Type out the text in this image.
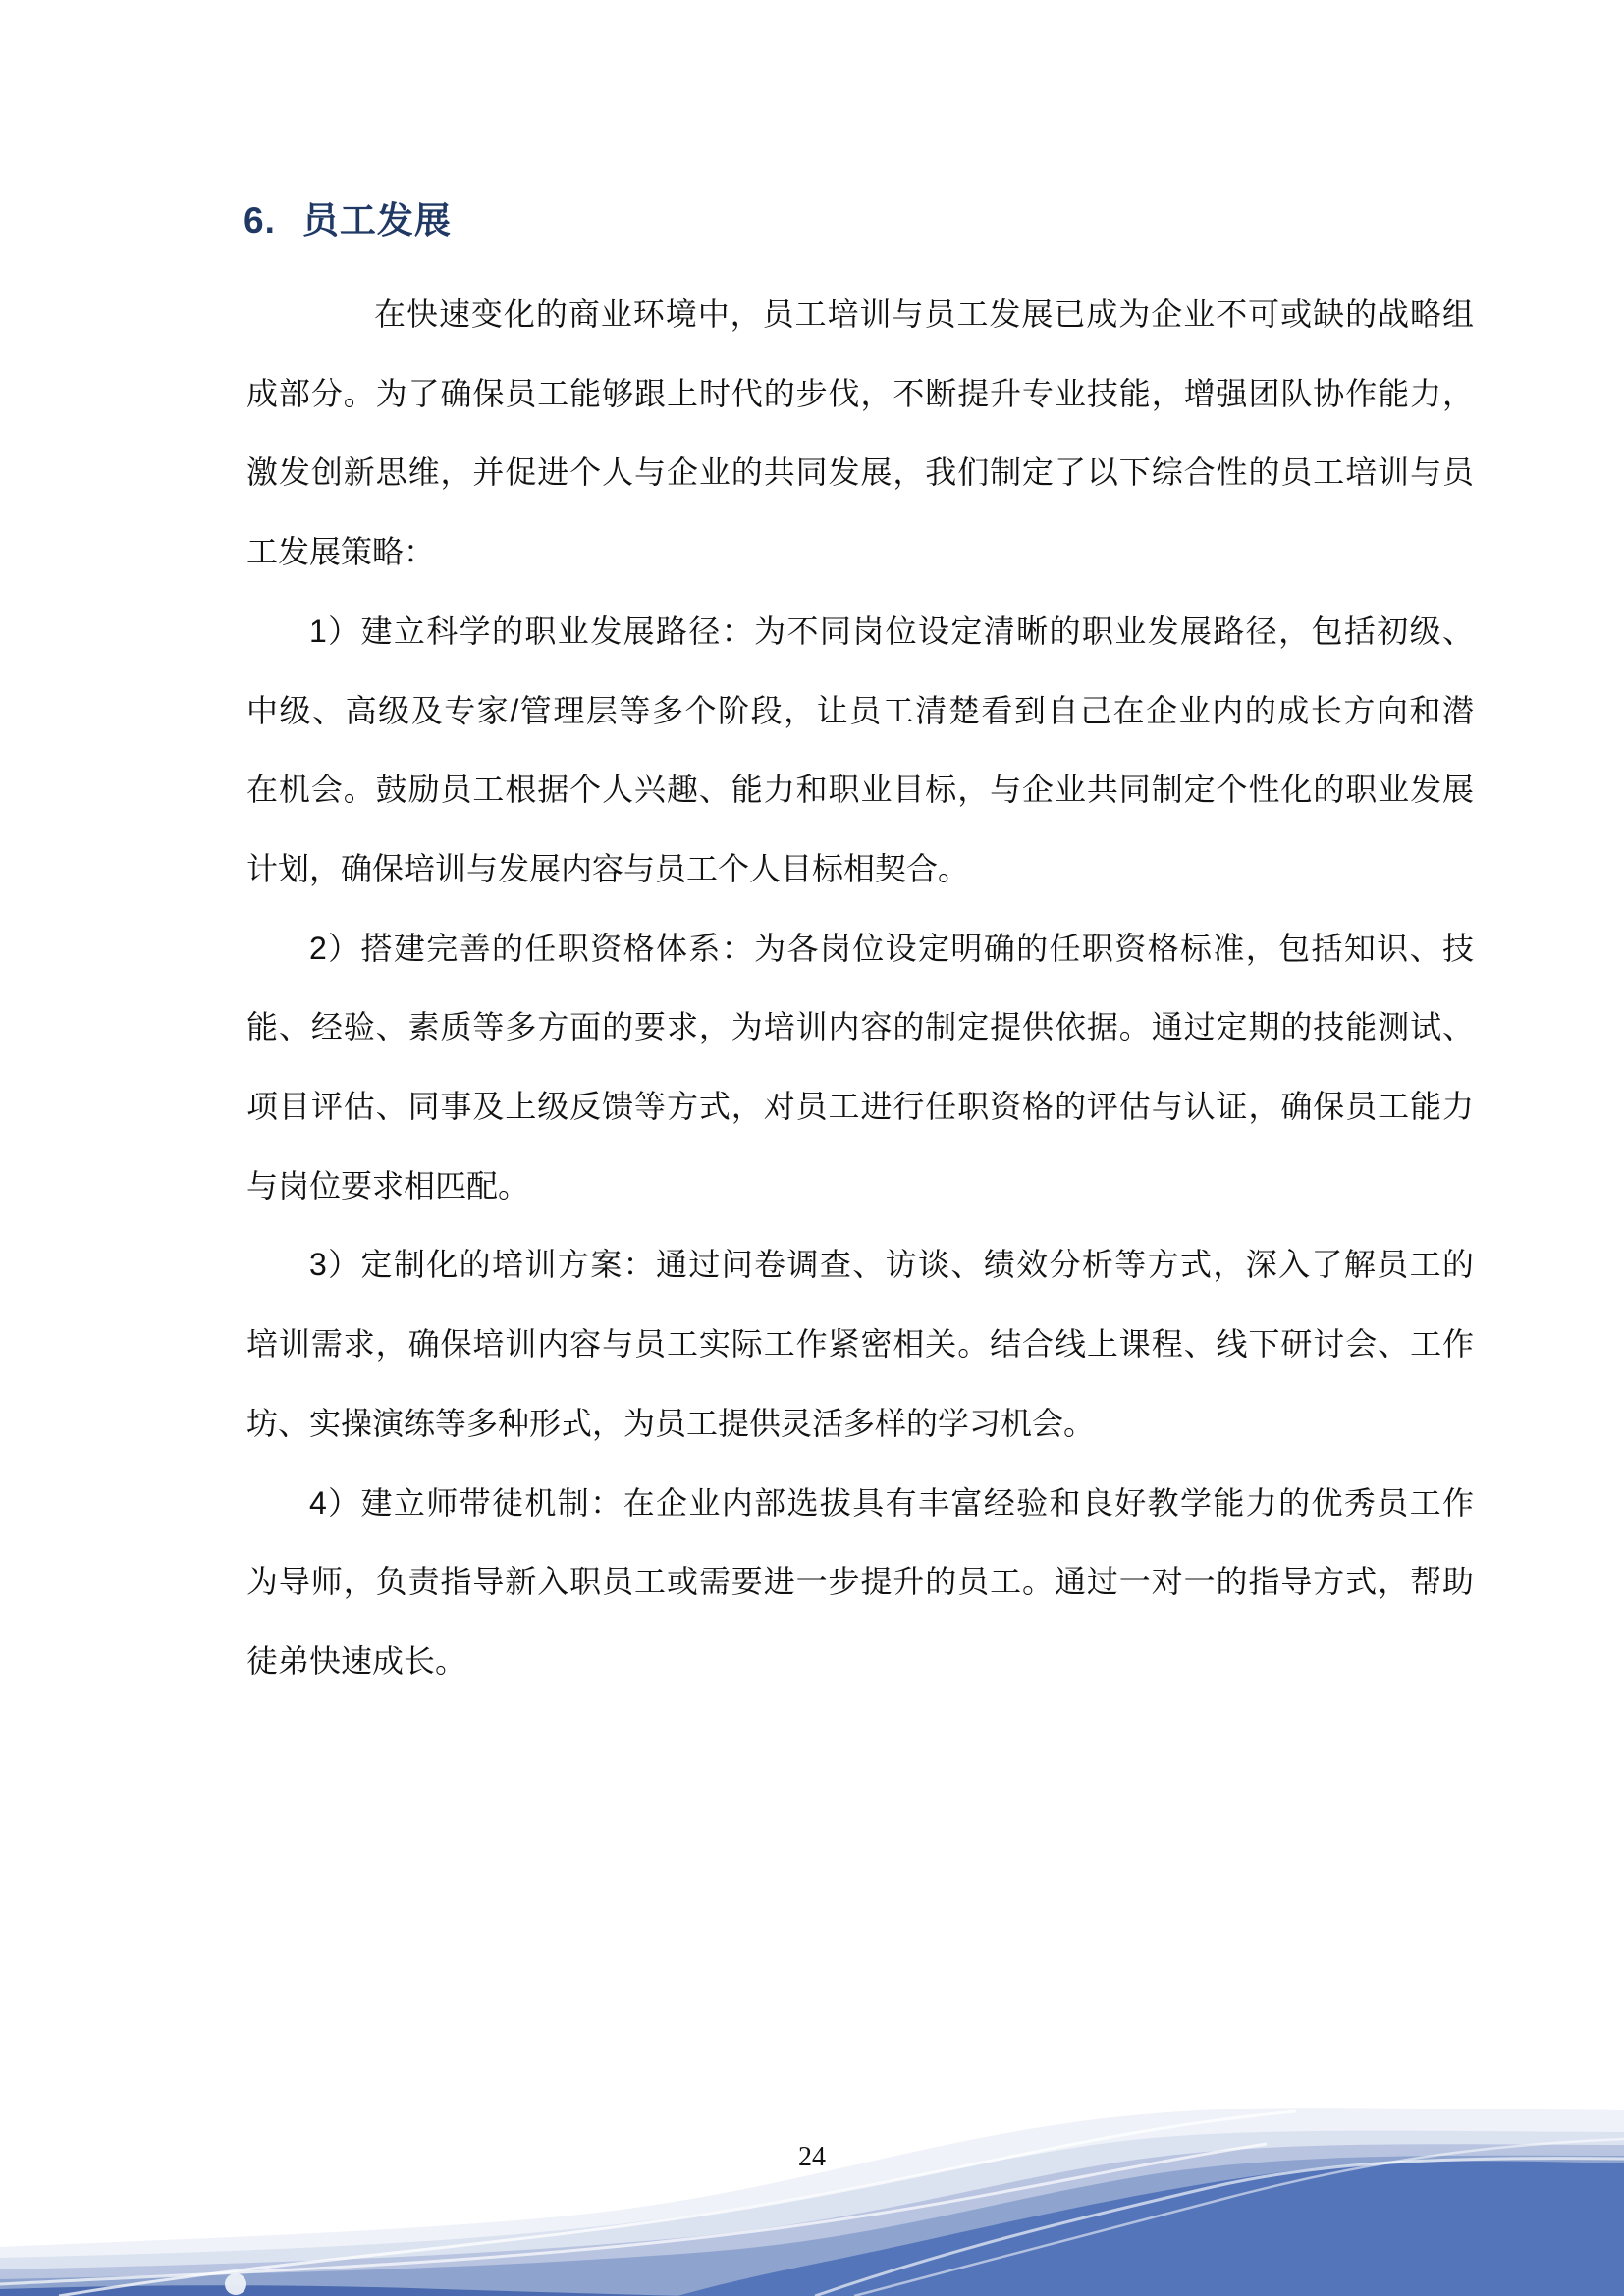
6. 员工发展
在快速变化的商业环境中，员工培训与员工发展已成为企业不可或缺的战略组
成部分。为了确保员工能够跟上时代的步伐，不断提升专业技能，增强团队协作能力，
激发创新思维，并促进个人与企业的共同发展，我们制定了以下综合性的员工培训与员
工发展策略：
1）建立科学的职业发展路径：为不同岗位设定清晰的职业发展路径，包括初级、
中级、高级及专家/管理层等多个阶段，让员工清楚看到自己在企业内的成长方向和潜
在机会。鼓励员工根据个人兴趣、能力和职业目标，与企业共同制定个性化的职业发展
计划，确保培训与发展内容与员工个人目标相契合。
2）搭建完善的任职资格体系：为各岗位设定明确的任职资格标准，包括知识、技
能、经验、素质等多方面的要求，为培训内容的制定提供依据。通过定期的技能测试、
项目评估、同事及上级反馈等方式，对员工进行任职资格的评估与认证，确保员工能力
与岗位要求相匹配。
3）定制化的培训方案：通过问卷调查、访谈、绩效分析等方式，深入了解员工的
培训需求，确保培训内容与员工实际工作紧密相关。结合线上课程、线下研讨会、工作
坊、实操演练等多种形式，为员工提供灵活多样的学习机会。
4）建立师带徒机制：在企业内部选拔具有丰富经验和良好教学能力的优秀员工作
为导师，负责指导新入职员工或需要进一步提升的员工。通过一对一的指导方式，帮助
徒弟快速成长。
24
